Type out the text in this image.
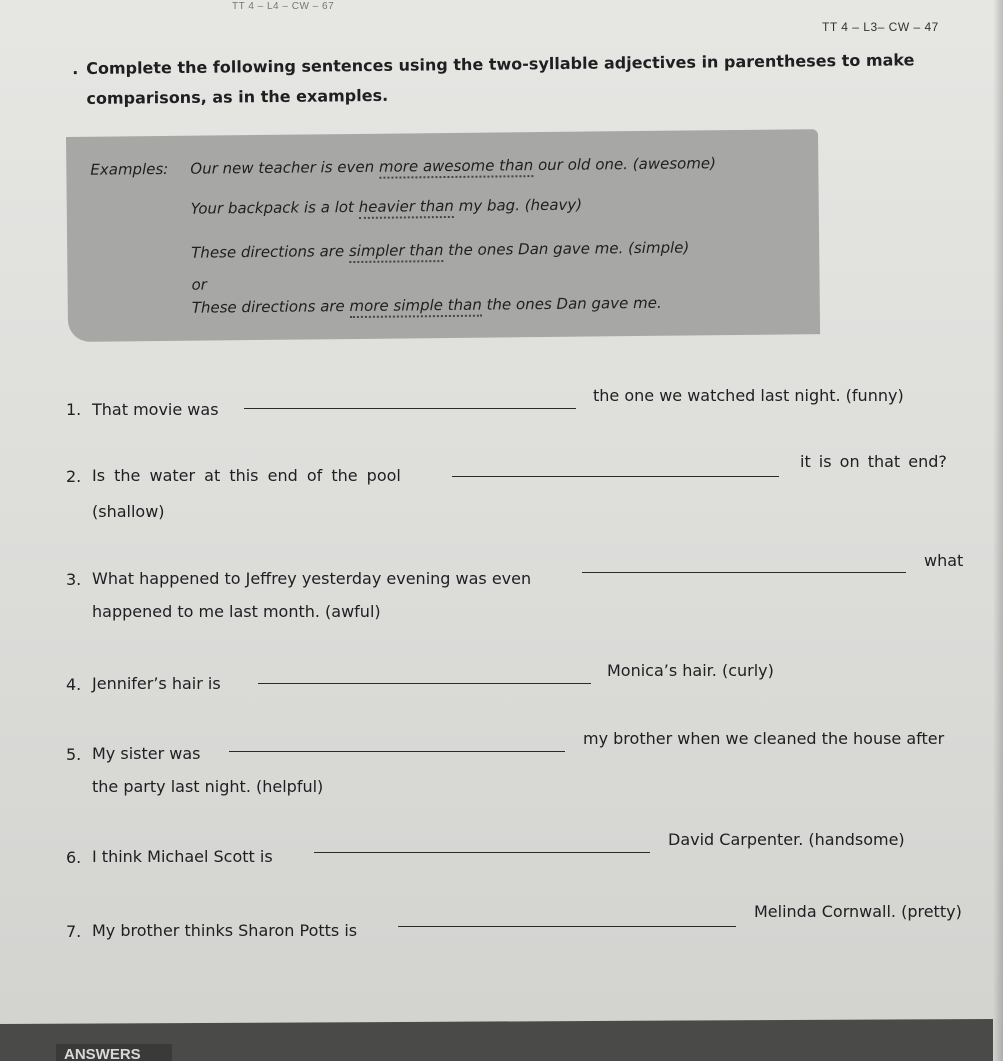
TT 4 – L4 – CW – 67
TT 4 – L3– CW – 47
. Complete the following sentences using the two-syllable adjectives in parentheses to make
comparisons, as in the examples.
Examples: Our new teacher is even more awesome than our old one. (awesome)
Your backpack is a lot heavier than my bag. (heavy)
These directions are simpler than the ones Dan gave me. (simple)
or
These directions are more simple than the ones Dan gave me.
1. That movie was
the one we watched last night. (funny)
2. Is the water at this end of the pool
it is on that end?
(shallow)
3. What happened to Jeffrey yesterday evening was even
what
happened to me last month. (awful)
4. Jennifer’s hair is
Monica’s hair. (curly)
5. My sister was
my brother when we cleaned the house after
the party last night. (helpful)
6. I think Michael Scott is
David Carpenter. (handsome)
7. My brother thinks Sharon Potts is
Melinda Cornwall. (pretty)
ANSWERS
